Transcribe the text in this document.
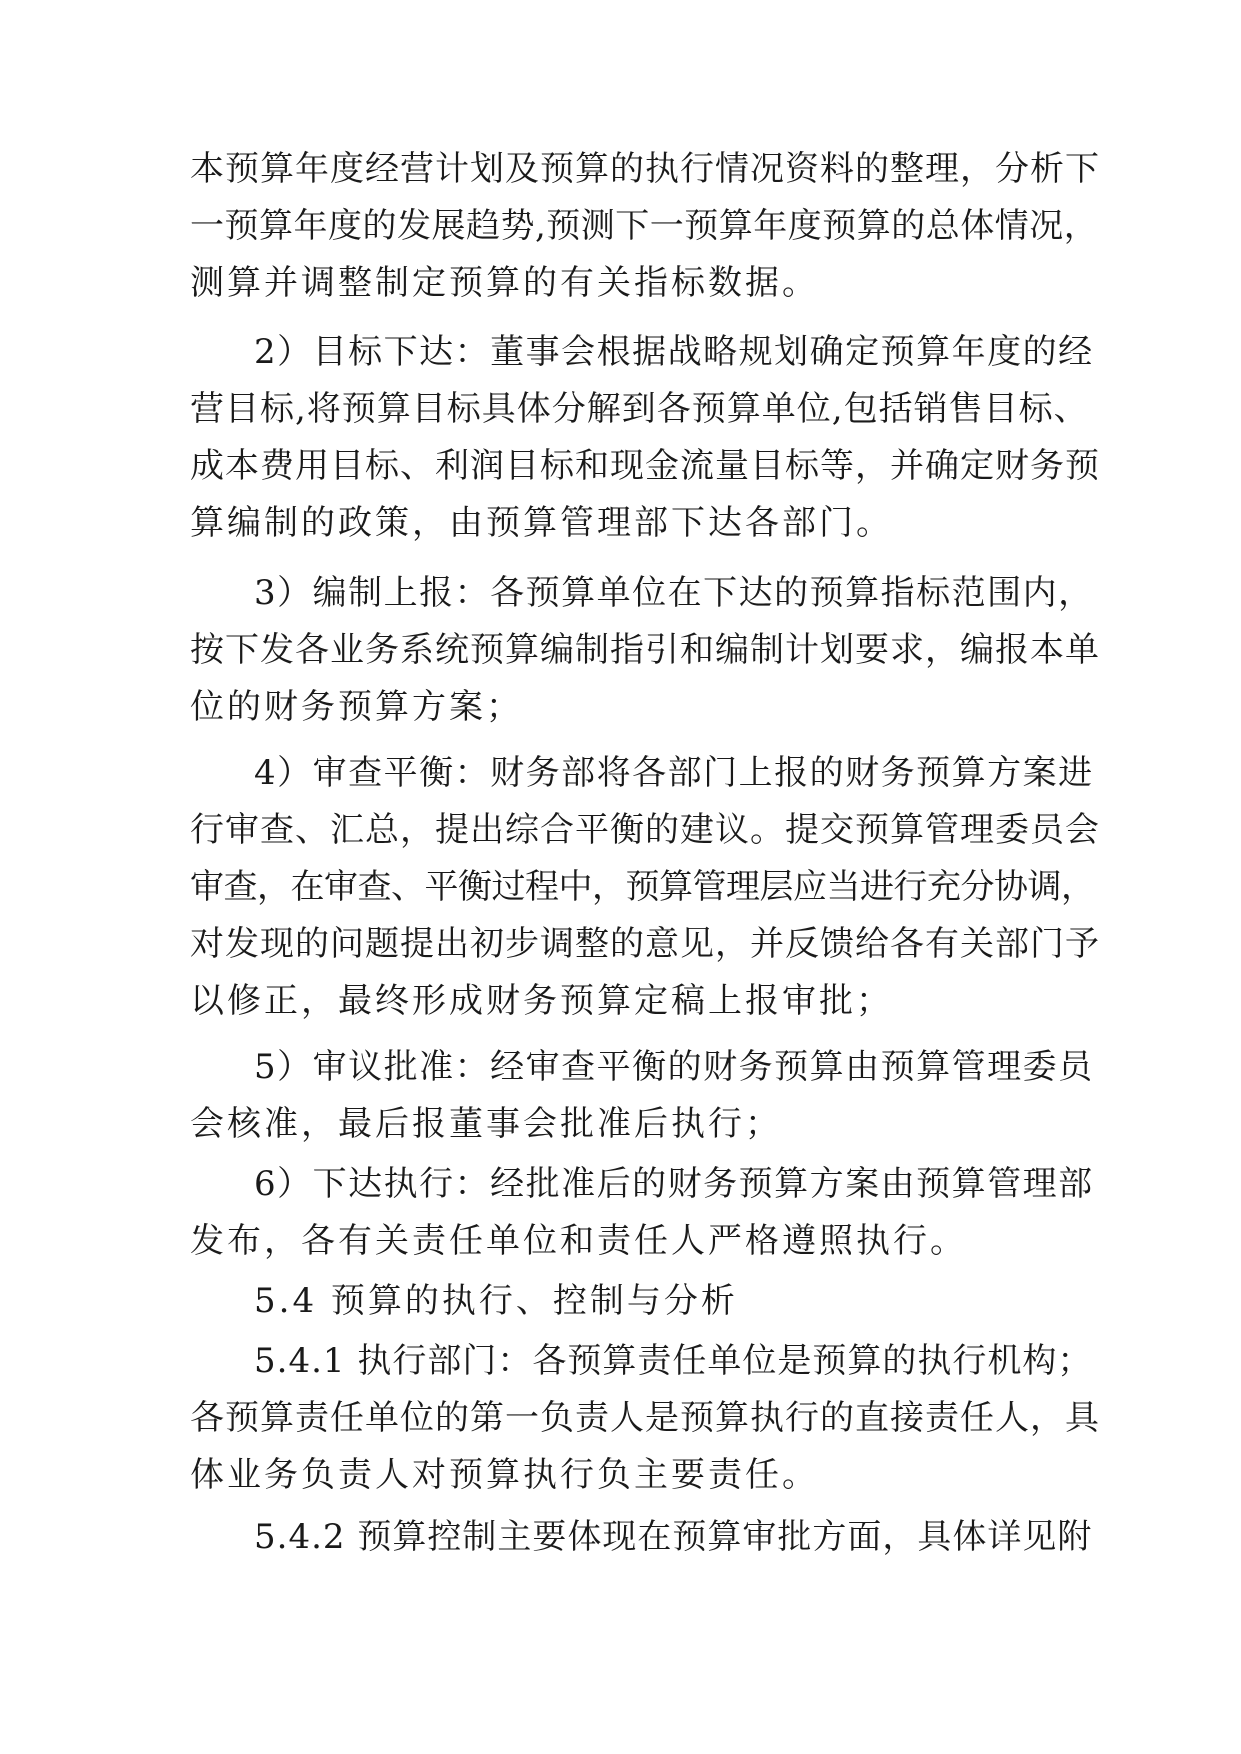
本预算年度经营计划及预算的执行情况资料的整理，分析下

一预算年度的发展趋势,预测下一预算年度预算的总体情况，

测算并调整制定预算的有关指标数据。

2）目标下达：董事会根据战略规划确定预算年度的经

营目标,将预算目标具体分解到各预算单位,包括销售目标、

成本费用目标、利润目标和现金流量目标等，并确定财务预

算编制的政策，由预算管理部下达各部门。

3）编制上报：各预算单位在下达的预算指标范围内，

按下发各业务系统预算编制指引和编制计划要求，编报本单

位的财务预算方案；

4）审查平衡：财务部将各部门上报的财务预算方案进

行审查、汇总，提出综合平衡的建议。提交预算管理委员会

审查，在审查、平衡过程中，预算管理层应当进行充分协调，

对发现的问题提出初步调整的意见，并反馈给各有关部门予

以修正，最终形成财务预算定稿上报审批；

5）审议批准：经审查平衡的财务预算由预算管理委员

会核准，最后报董事会批准后执行；

6）下达执行：经批准后的财务预算方案由预算管理部

发布，各有关责任单位和责任人严格遵照执行。

5.4 预算的执行、控制与分析

5.4.1 执行部门：各预算责任单位是预算的执行机构；

各预算责任单位的第一负责人是预算执行的直接责任人，具

体业务负责人对预算执行负主要责任。

5.4.2 预算控制主要体现在预算审批方面，具体详见附
